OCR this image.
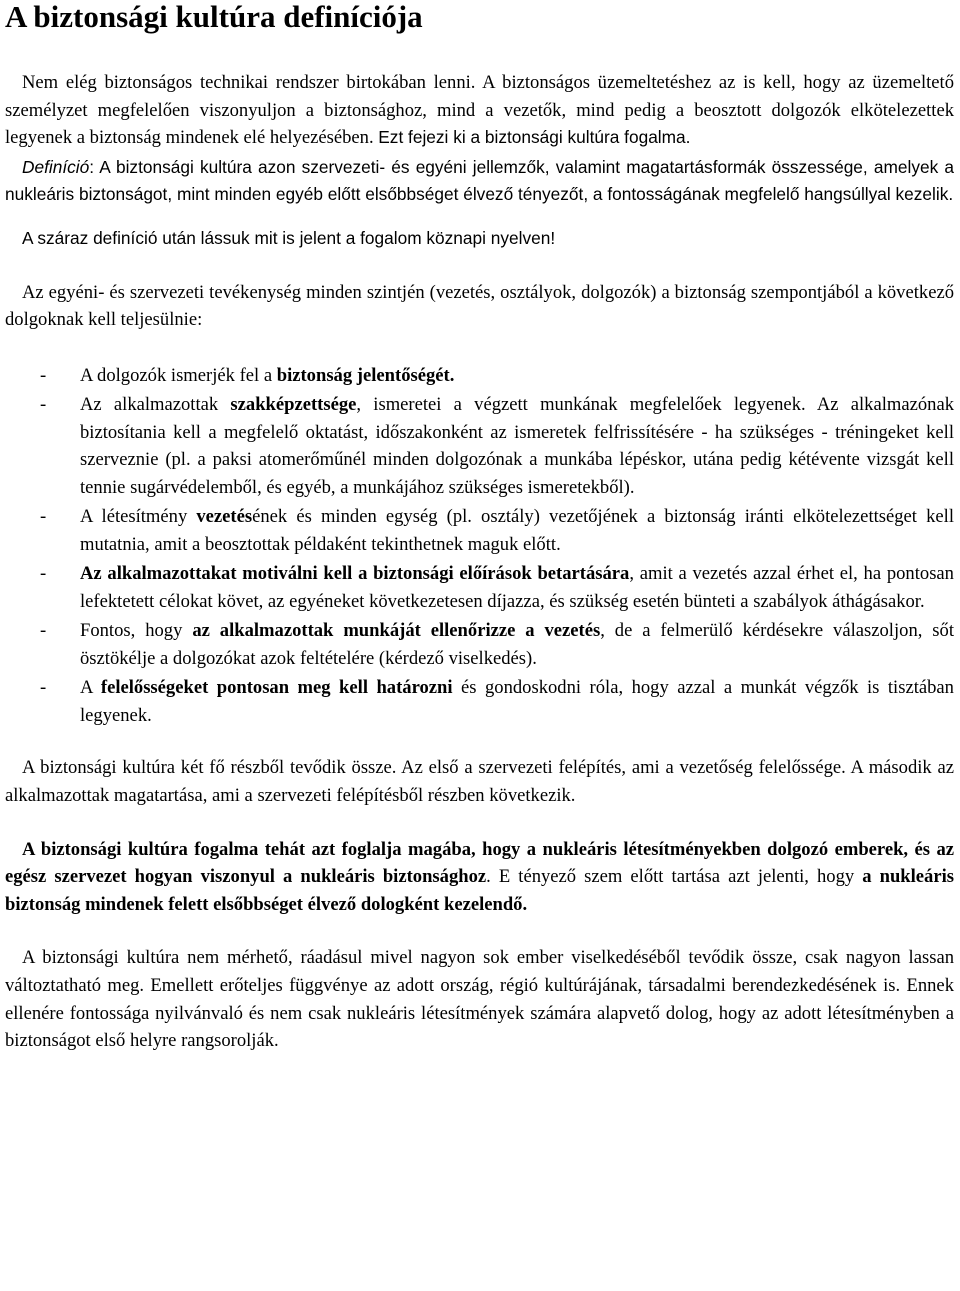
A biztonsági kultúra definíciója

Nem elég biztonságos technikai rendszer birtokában lenni. A biztonságos üzemeltetéshez az is kell, hogy az üzemeltető személyzet megfelelően viszonyuljon a biztonsághoz, mind a vezetők, mind pedig a beosztott dolgozók elkötelezettek legyenek a biztonság mindenek elé helyezésében. Ezt fejezi ki a biztonsági kultúra fogalma.

Definíció: A biztonsági kultúra azon szervezeti- és egyéni jellemzők, valamint magatartásformák összessége, amelyek a nukleáris biztonságot, mint minden egyéb előtt elsőbbséget élvező tényezőt, a fontosságának megfelelő hangsúllyal kezelik.

A száraz definíció után lássuk mit is jelent a fogalom köznapi nyelven!

Az egyéni- és szervezeti tevékenység minden szintjén (vezetés, osztályok, dolgozók) a biztonság szempontjából a következő dolgoknak kell teljesülnie:

- A dolgozók ismerjék fel a biztonság jelentőségét.
- Az alkalmazottak szakképzettsége, ismeretei a végzett munkának megfelelőek legyenek. Az alkalmazónak biztosítania kell a megfelelő oktatást, időszakonként az ismeretek felfrissítésére - ha szükséges - tréningeket kell szerveznie (pl. a paksi atomerőműnél minden dolgozónak a munkába lépéskor, utána pedig kétévente vizsgát kell tennie sugárvédelemből, és egyéb, a munkájához szükséges ismeretekből).
- A létesítmény vezetésének és minden egység (pl. osztály) vezetőjének a biztonság iránti elkötelezettséget kell mutatnia, amit a beosztottak példaként tekinthetnek maguk előtt.
- Az alkalmazottakat motiválni kell a biztonsági előírások betartására, amit a vezetés azzal érhet el, ha pontosan lefektetett célokat követ, az egyéneket következetesen díjazza, és szükség esetén bünteti a szabályok áthágásakor.
- Fontos, hogy az alkalmazottak munkáját ellenőrizze a vezetés, de a felmerülő kérdésekre válaszoljon, sőt ösztökélje a dolgozókat azok feltételére (kérdező viselkedés).
- A felelősségeket pontosan meg kell határozni és gondoskodni róla, hogy azzal a munkát végzők is tisztában legyenek.

A biztonsági kultúra két fő részből tevődik össze. Az első a szervezeti felépítés, ami a vezetőség felelőssége. A második az alkalmazottak magatartása, ami a szervezeti felépítésből részben következik.

A biztonsági kultúra fogalma tehát azt foglalja magába, hogy a nukleáris létesítményekben dolgozó emberek, és az egész szervezet hogyan viszonyul a nukleáris biztonsághoz. E tényező szem előtt tartása azt jelenti, hogy a nukleáris biztonság mindenek felett elsőbbséget élvező dologként kezelendő.

A biztonsági kultúra nem mérhető, ráadásul mivel nagyon sok ember viselkedéséből tevődik össze, csak nagyon lassan változtatható meg. Emellett erőteljes függvénye az adott ország, régió kultúrájának, társadalmi berendezkedésének is. Ennek ellenére fontossága nyilvánvaló és nem csak nukleáris létesítmények számára alapvető dolog, hogy az adott létesítményben a biztonságot első helyre rangsorolják.
